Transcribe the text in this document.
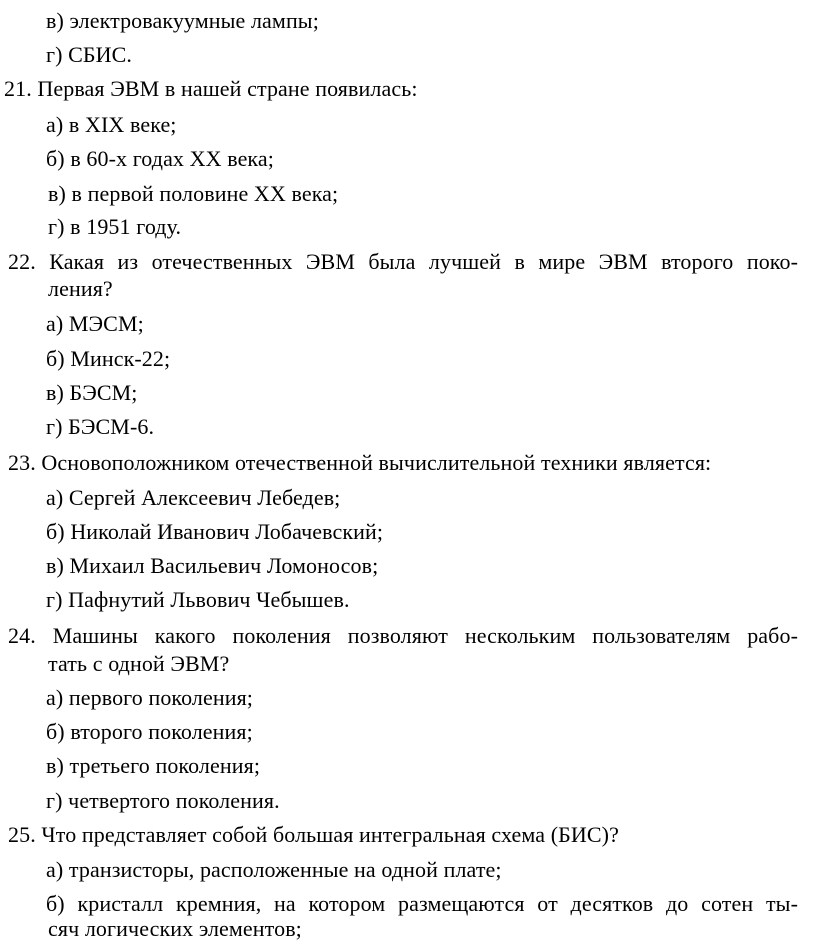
в) электровакуумные лампы;
г) СБИС.
21. Первая ЭВМ в нашей стране появилась:
а) в XIX веке;
б) в 60-х годах XX века;
в) в первой половине XX века;
г) в 1951 году.
22. Какая из отечественных ЭВМ была лучшей в мире ЭВМ второго поко-
ления?
а) МЭСМ;
б) Минск-22;
в) БЭСМ;
г) БЭСМ-6.
23. Основоположником отечественной вычислительной техники является:
а) Сергей Алексеевич Лебедев;
б) Николай Иванович Лобачевский;
в) Михаил Васильевич Ломоносов;
г) Пафнутий Львович Чебышев.
24. Машины какого поколения позволяют нескольким пользователям рабо-
тать с одной ЭВМ?
а) первого поколения;
б) второго поколения;
в) третьего поколения;
г) четвертого поколения.
25. Что представляет собой большая интегральная схема (БИС)?
а) транзисторы, расположенные на одной плате;
б) кристалл кремния, на котором размещаются от десятков до сотен ты-
сяч логических элементов;
